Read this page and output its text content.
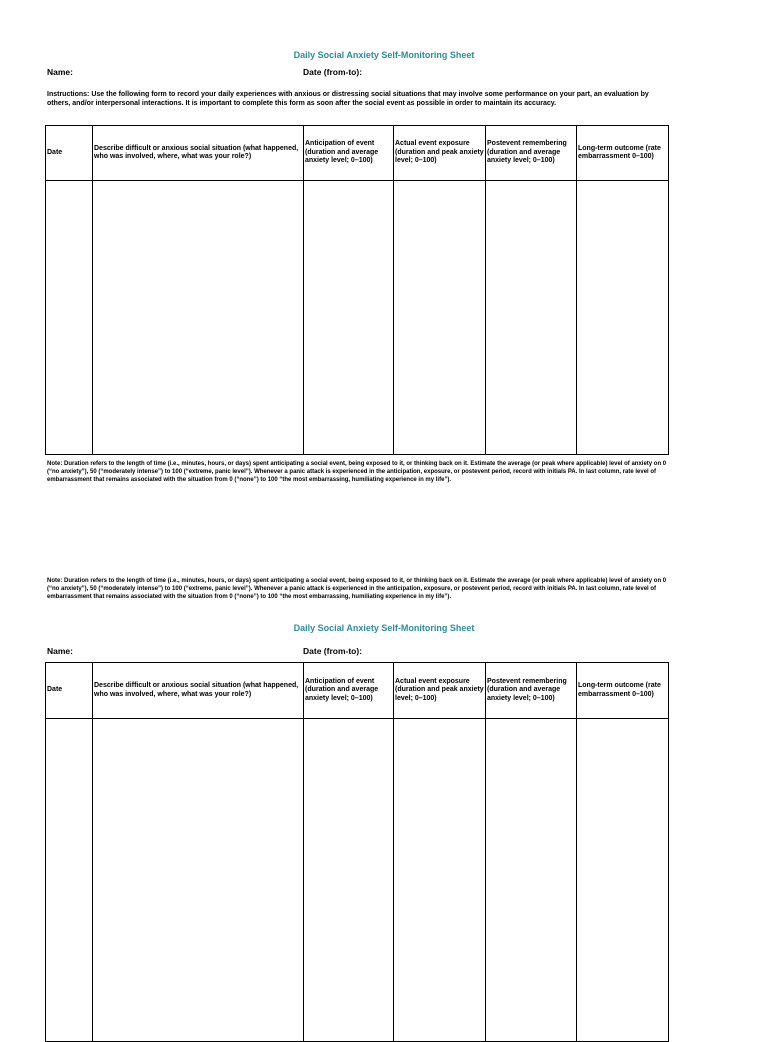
Daily Social Anxiety Self-Monitoring Sheet
Name:	Date (from-to):
Instructions: Use the following form to record your daily experiences with anxious or distressing social situations that may involve some performance on your part, an evaluation by others, and/or interpersonal interactions. It is important to complete this form as soon after the social event as possible in order to maintain its accuracy.
Date	Describe difficult or anxious social situation (what happened, who was involved, where, what was your role?)	Anticipation of event (duration and average anxiety level; 0–100)	Actual event exposure (duration and peak anxiety level; 0–100)	Postevent remembering (duration and average anxiety level; 0–100)	Long-term outcome (rate embarrassment 0–100)

Note: Duration refers to the length of time (i.e., minutes, hours, or days) spent anticipating a social event, being exposed to it, or thinking back on it. Estimate the average (or peak where applicable) level of anxiety on 0 (“no anxiety”), 50 (“moderately intense”) to 100 (“extreme, panic level”). Whenever a panic attack is experienced in the anticipation, exposure, or postevent period, record with initials PA. In last column, rate level of embarrassment that remains associated with the situation from 0 (“none”) to 100 “the most embarrassing, humiliating experience in my life”).
Note: Duration refers to the length of time (i.e., minutes, hours, or days) spent anticipating a social event, being exposed to it, or thinking back on it. Estimate the average (or peak where applicable) level of anxiety on 0 (“no anxiety”), 50 (“moderately intense”) to 100 (“extreme, panic level”). Whenever a panic attack is experienced in the anticipation, exposure, or postevent period, record with initials PA. In last column, rate level of embarrassment that remains associated with the situation from 0 (“none”) to 100 “the most embarrassing, humiliating experience in my life”).
Daily Social Anxiety Self-Monitoring Sheet
Name:	Date (from-to):
Date	Describe difficult or anxious social situation (what happened, who was involved, where, what was your role?)	Anticipation of event (duration and average anxiety level; 0–100)	Actual event exposure (duration and peak anxiety level; 0–100)	Postevent remembering (duration and average anxiety level; 0–100)	Long-term outcome (rate embarrassment 0–100)
